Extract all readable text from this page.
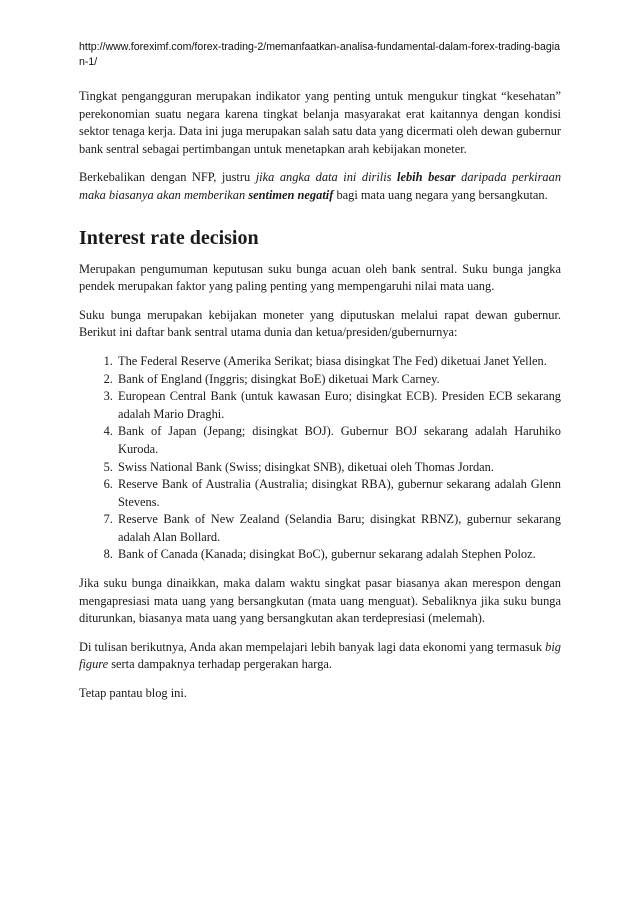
http://www.foreximf.com/forex-trading-2/memanfaatkan-analisa-fundamental-dalam-forex-trading-bagian-1/

Tingkat pengangguran merupakan indikator yang penting untuk mengukur tingkat “kesehatan” perekonomian suatu negara karena tingkat belanja masyarakat erat kaitannya dengan kondisi sektor tenaga kerja. Data ini juga merupakan salah satu data yang dicermati oleh dewan gubernur bank sentral sebagai pertimbangan untuk menetapkan arah kebijakan moneter.

Berkebalikan dengan NFP, justru jika angka data ini dirilis lebih besar daripada perkiraan maka biasanya akan memberikan sentimen negatif bagi mata uang negara yang bersangkutan.

Interest rate decision

Merupakan pengumuman keputusan suku bunga acuan oleh bank sentral. Suku bunga jangka pendek merupakan faktor yang paling penting yang mempengaruhi nilai mata uang.

Suku bunga merupakan kebijakan moneter yang diputuskan melalui rapat dewan gubernur. Berikut ini daftar bank sentral utama dunia dan ketua/presiden/gubernurnya:

1. The Federal Reserve (Amerika Serikat; biasa disingkat The Fed) diketuai Janet Yellen.
2. Bank of England (Inggris; disingkat BoE) diketuai Mark Carney.
3. European Central Bank (untuk kawasan Euro; disingkat ECB). Presiden ECB sekarang adalah Mario Draghi.
4. Bank of Japan (Jepang; disingkat BOJ). Gubernur BOJ sekarang adalah Haruhiko Kuroda.
5. Swiss National Bank (Swiss; disingkat SNB), diketuai oleh Thomas Jordan.
6. Reserve Bank of Australia (Australia; disingkat RBA), gubernur sekarang adalah Glenn Stevens.
7. Reserve Bank of New Zealand (Selandia Baru; disingkat RBNZ), gubernur sekarang adalah Alan Bollard.
8. Bank of Canada (Kanada; disingkat BoC), gubernur sekarang adalah Stephen Poloz.

Jika suku bunga dinaikkan, maka dalam waktu singkat pasar biasanya akan merespon dengan mengapresiasi mata uang yang bersangkutan (mata uang menguat). Sebaliknya jika suku bunga diturunkan, biasanya mata uang yang bersangkutan akan terdepresiasi (melemah).

Di tulisan berikutnya, Anda akan mempelajari lebih banyak lagi data ekonomi yang termasuk big figure serta dampaknya terhadap pergerakan harga.

Tetap pantau blog ini.
